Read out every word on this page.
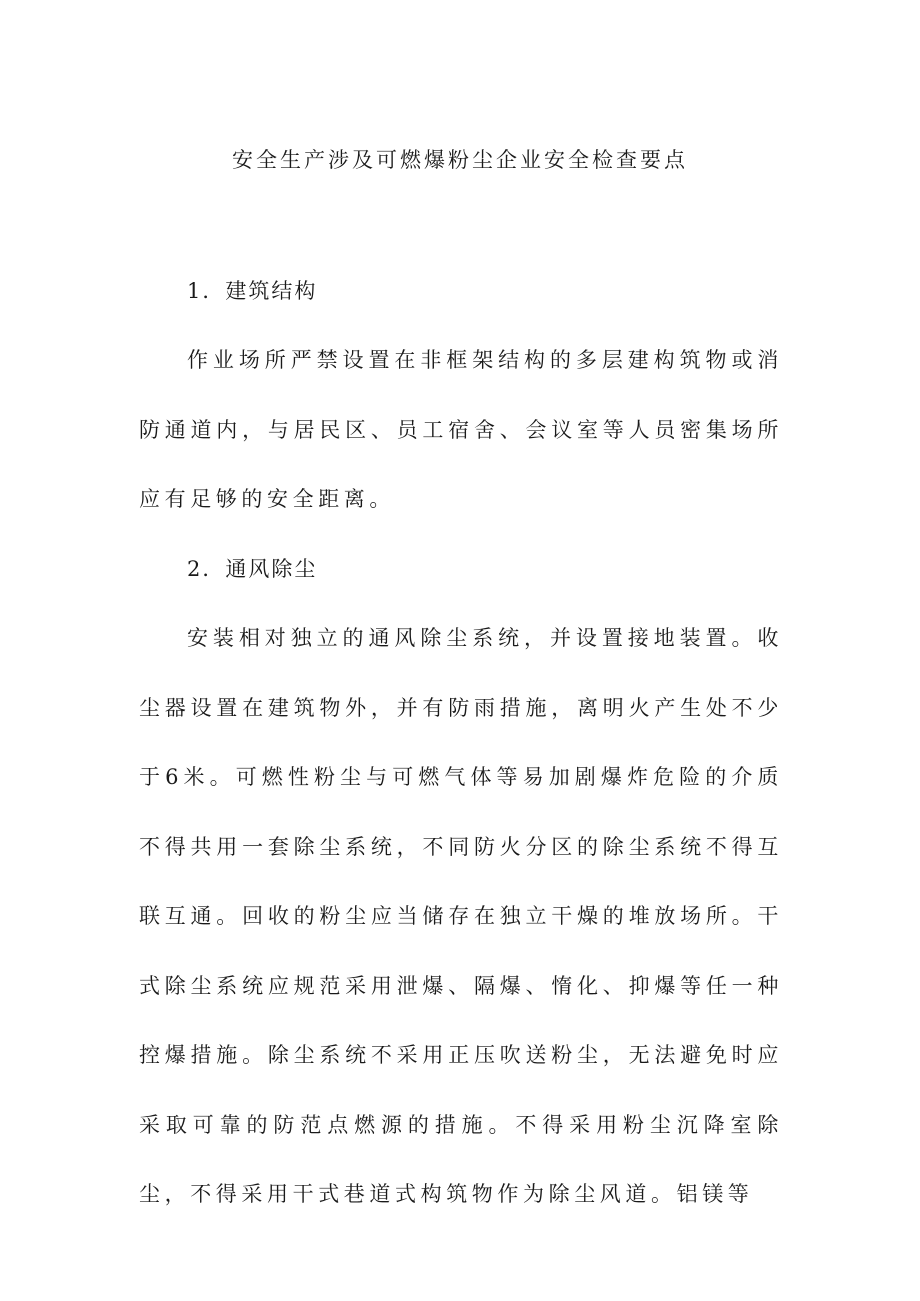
安全生产涉及可燃爆粉尘企业安全检查要点
1．建筑结构

作业场所严禁设置在非框架结构的多层建构筑物或消防通道内，与居民区、员工宿舍、会议室等人员密集场所应有足够的安全距离。

2．通风除尘

安装相对独立的通风除尘系统，并设置接地装置。收尘器设置在建筑物外，并有防雨措施，离明火产生处不少于6米。可燃性粉尘与可燃气体等易加剧爆炸危险的介质不得共用一套除尘系统，不同防火分区的除尘系统不得互联互通。回收的粉尘应当储存在独立干燥的堆放场所。干式除尘系统应规范采用泄爆、隔爆、惰化、抑爆等任一种控爆措施。除尘系统不采用正压吹送粉尘，无法避免时应采取可靠的防范点燃源的措施。不得采用粉尘沉降室除尘，不得采用干式巷道式构筑物作为除尘风道。铝镁等
